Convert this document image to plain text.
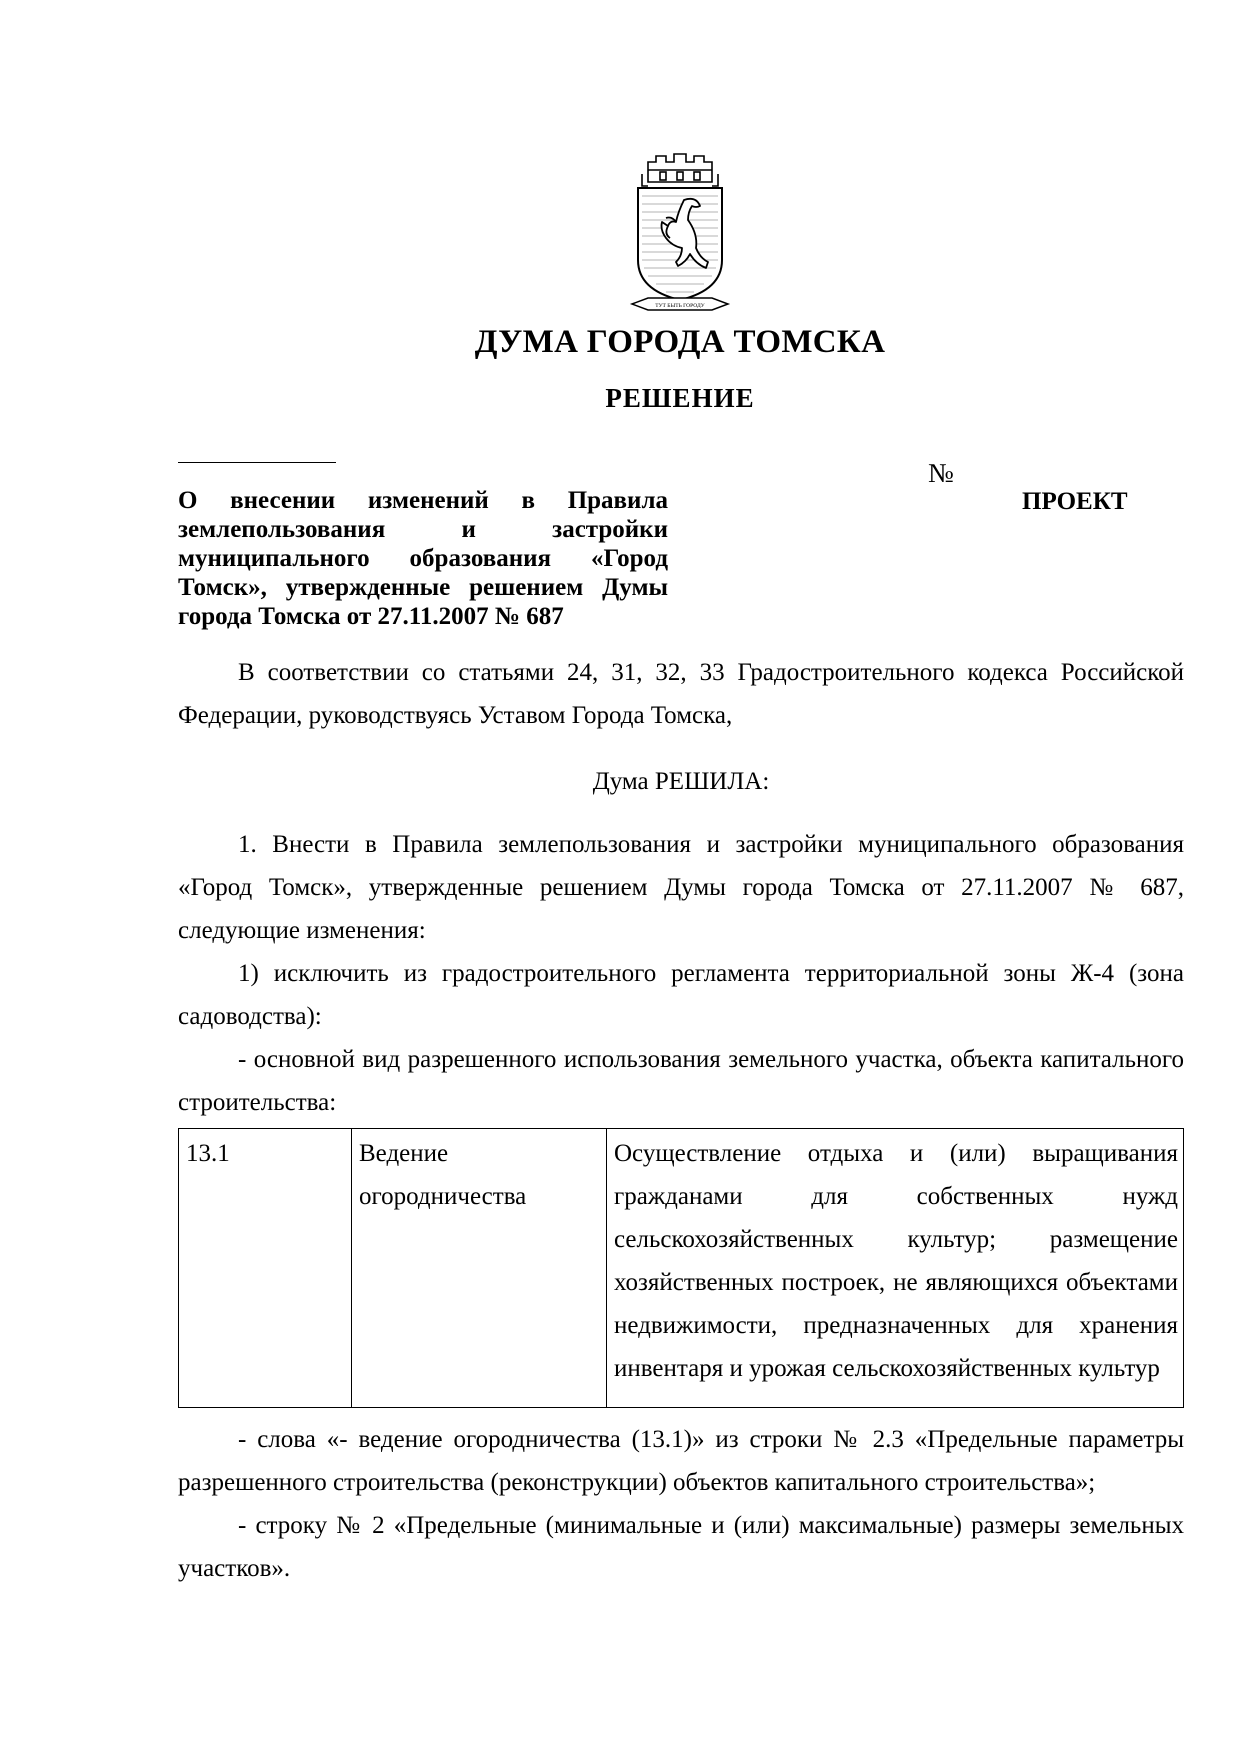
ТУТ БЫТЬ ГОРОДУ
ДУМА ГОРОДА ТОМСКА
РЕШЕНИЕ
№
ПРОЕКТ
О внесении изменений в Правила землепользования и застройки муниципального образования «Город Томск», утвержденные решением Думы города Томска от 27.11.2007 № 687

В соответствии со статьями 24, 31, 32, 33 Градостроительного кодекса Российской Федерации, руководствуясь Уставом Города Томска,

Дума РЕШИЛА:

1. Внести в Правила землепользования и застройки муниципального образования «Город Томск», утвержденные решением Думы города Томска от 27.11.2007 № 687, следующие изменения:

1) исключить из градостроительного регламента территориальной зоны Ж-4 (зона садоводства):

- основной вид разрешенного использования земельного участка, объекта капитального строительства:

13.1	Ведение огородничества	Осуществление отдыха и (или) выращивания гражданами для собственных нужд сельскохозяйственных культур; размещение хозяйственных построек, не являющихся объектами недвижимости, предназначенных для хранения инвентаря и урожая сельскохозяйственных культур

- слова «- ведение огородничества (13.1)» из строки № 2.3 «Предельные параметры разрешенного строительства (реконструкции) объектов капитального строительства»;

- строку № 2 «Предельные (минимальные и (или) максимальные) размеры земельных участков».
